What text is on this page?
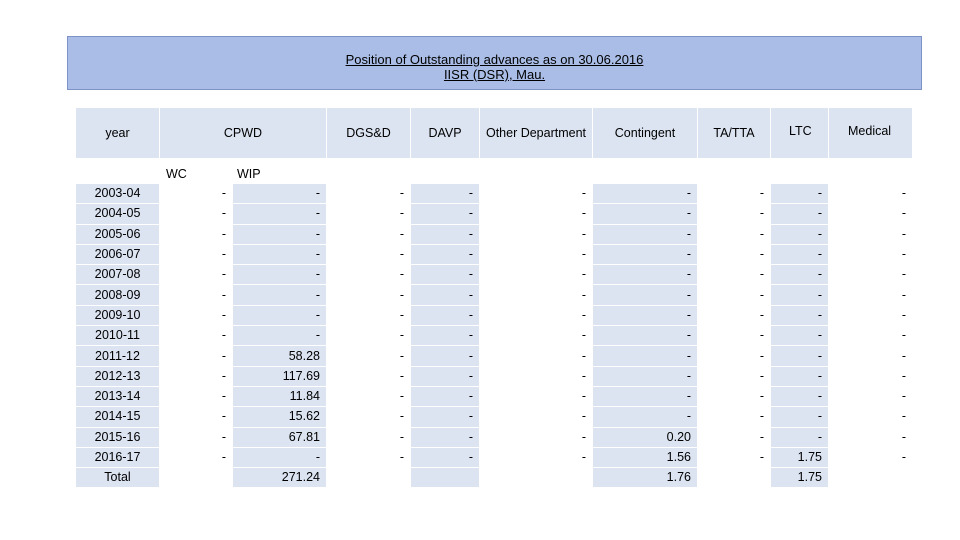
Position of Outstanding advances as on 30.06.2016
IISR (DSR), Mau.
year	CPWD		DGS&D	DAVP	Other Department	Contingent	TA/TTA	LTC	Medical

	WC	WIP							
2003-04	-	-	-	-	-	-	-	-	-
2004-05	-	-	-	-	-	-	-	-	-
2005-06	-	-	-	-	-	-	-	-	-
2006-07	-	-	-	-	-	-	-	-	-
2007-08	-	-	-	-	-	-	-	-	-
2008-09	-	-	-	-	-	-	-	-	-
2009-10	-	-	-	-	-	-	-	-	-
2010-11	-	-	-	-	-	-	-	-	-
2011-12	-	58.28	-	-	-	-	-	-	-
2012-13	-	117.69	-	-	-	-	-	-	-
2013-14	-	11.84	-	-	-	-	-	-	-
2014-15	-	15.62	-	-	-	-	-	-	-
2015-16	-	67.81	-	-	-	0.20	-	-	-
2016-17	-	-	-	-	-	1.56	-	1.75	-
Total		271.24				1.76		1.75	
